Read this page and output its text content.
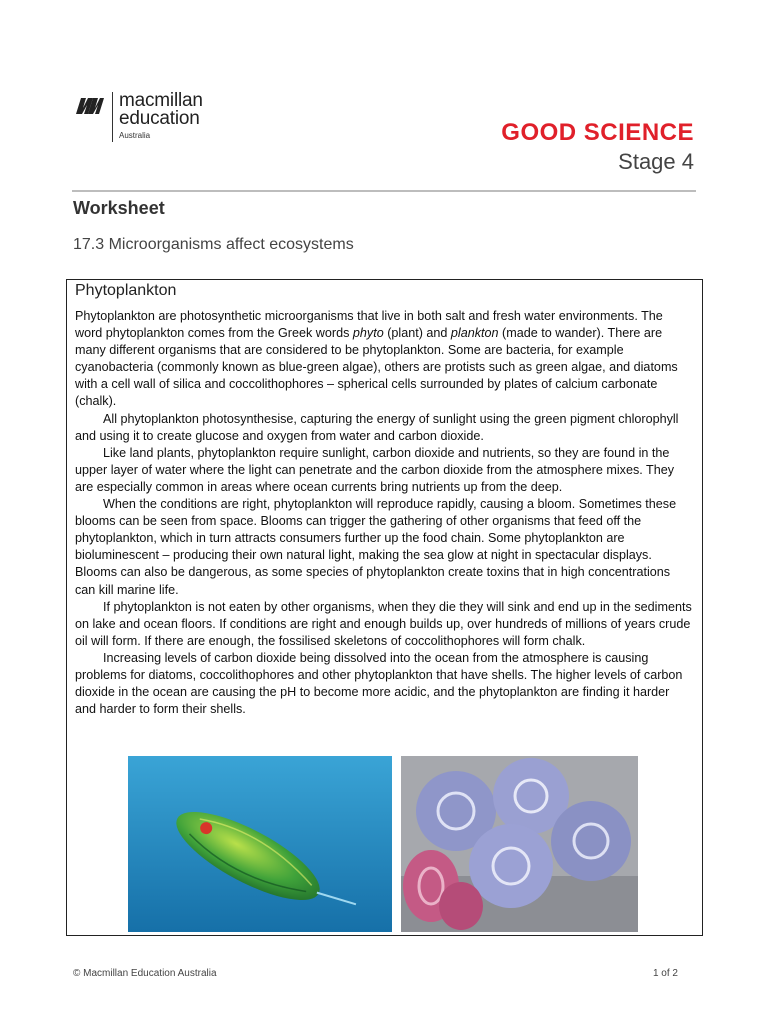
macmillan
education
Australia	GOOD SCIENCE
Stage 4
Worksheet
17.3 Microorganisms affect ecosystems
Phytoplankton

Phytoplankton are photosynthetic microorganisms that live in both salt and fresh water environments. The word phytoplankton comes from the Greek words phyto (plant) and plankton (made to wander). There are many different organisms that are considered to be phytoplankton. Some are bacteria, for example cyanobacteria (commonly known as blue-green algae), others are protists such as green algae, and diatoms with a cell wall of silica and coccolithophores – spherical cells surrounded by plates of calcium carbonate (chalk).

All phytoplankton photosynthesise, capturing the energy of sunlight using the green pigment chlorophyll and using it to create glucose and oxygen from water and carbon dioxide.

Like land plants, phytoplankton require sunlight, carbon dioxide and nutrients, so they are found in the upper layer of water where the light can penetrate and the carbon dioxide from the atmosphere mixes. They are especially common in areas where ocean currents bring nutrients up from the deep.

When the conditions are right, phytoplankton will reproduce rapidly, causing a bloom. Sometimes these blooms can be seen from space. Blooms can trigger the gathering of other organisms that feed off the phytoplankton, which in turn attracts consumers further up the food chain. Some phytoplankton are bioluminescent – producing their own natural light, making the sea glow at night in spectacular displays. Blooms can also be dangerous, as some species of phytoplankton create toxins that in high concentrations can kill marine life.

If phytoplankton is not eaten by other organisms, when they die they will sink and end up in the sediments on lake and ocean floors. If conditions are right and enough builds up, over hundreds of millions of years crude oil will form. If there are enough, the fossilised skeletons of coccolithophores will form chalk.

Increasing levels of carbon dioxide being dissolved into the ocean from the atmosphere is causing problems for diatoms, coccolithophores and other phytoplankton that have shells. The higher levels of carbon dioxide in the ocean are causing the pH to become more acidic, and the phytoplankton are finding it harder and harder to form their shells.

© Macmillan Education Australia	1 of 2
